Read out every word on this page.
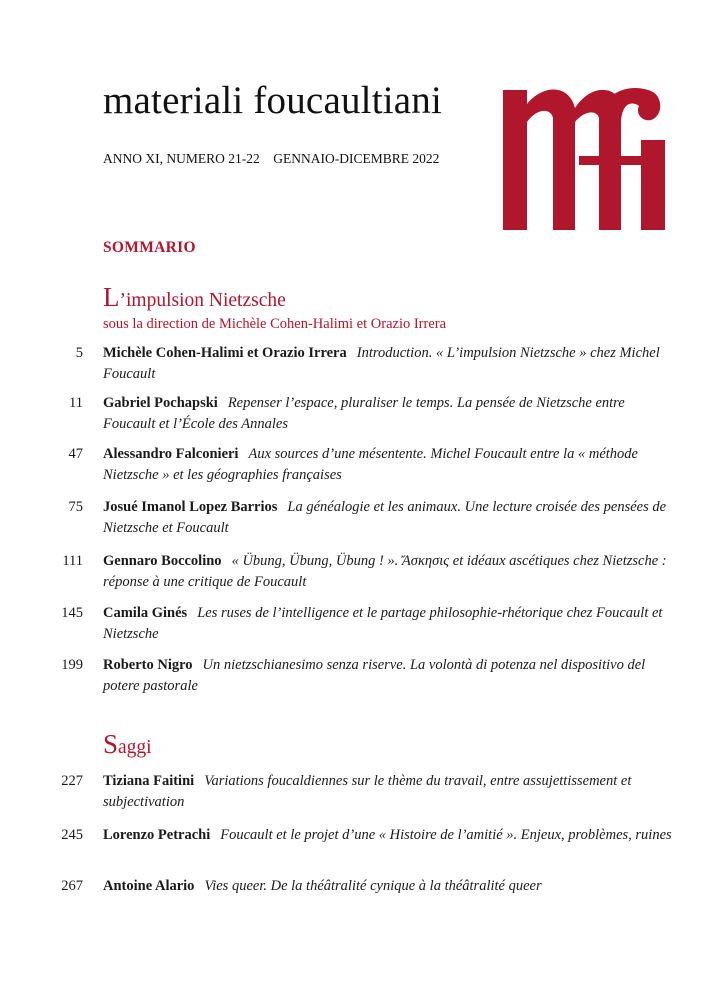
materiali foucaultiani
ANNO XI, NUMERO 21-22    GENNAIO-DICEMBRE 2022
SOMMARIO
L’impulsion Nietzsche
sous la direction de Michèle Cohen-Halimi et Orazio Irrera
5 Michèle Cohen-Halimi et Orazio Irrera Introduction. « L’impulsion Nietzsche » chez Michel Foucault
11 Gabriel Pochapski Repenser l’espace, pluraliser le temps. La pensée de Nietzsche entre Foucault et l’École des Annales
47 Alessandro Falconieri Aux sources d’une mésentente. Michel Foucault entre la « méthode Nietzsche » et les géographies françaises
75 Josué Imanol Lopez Barrios La généalogie et les animaux. Une lecture croisée des pensées de Nietzsche et Foucault
111 Gennaro Boccolino « Übung, Übung, Übung ! ». Ἄσκησις et idéaux ascétiques chez Nietzsche : réponse à une critique de Foucault
145 Camila Ginés Les ruses de l’intelligence et le partage philosophie-rhétorique chez Foucault et Nietzsche
199 Roberto Nigro Un nietzschianesimo senza riserve. La volontà di potenza nel dispositivo del potere pastorale
Saggi
227 Tiziana Faitini Variations foucaldiennes sur le thème du travail, entre assujettissement et subjectivation
245 Lorenzo Petrachi Foucault et le projet d’une « Histoire de l’amitié ». Enjeux, problèmes, ruines
267 Antoine Alario Vies queer. De la théâtralité cynique à la théâtralité queer
